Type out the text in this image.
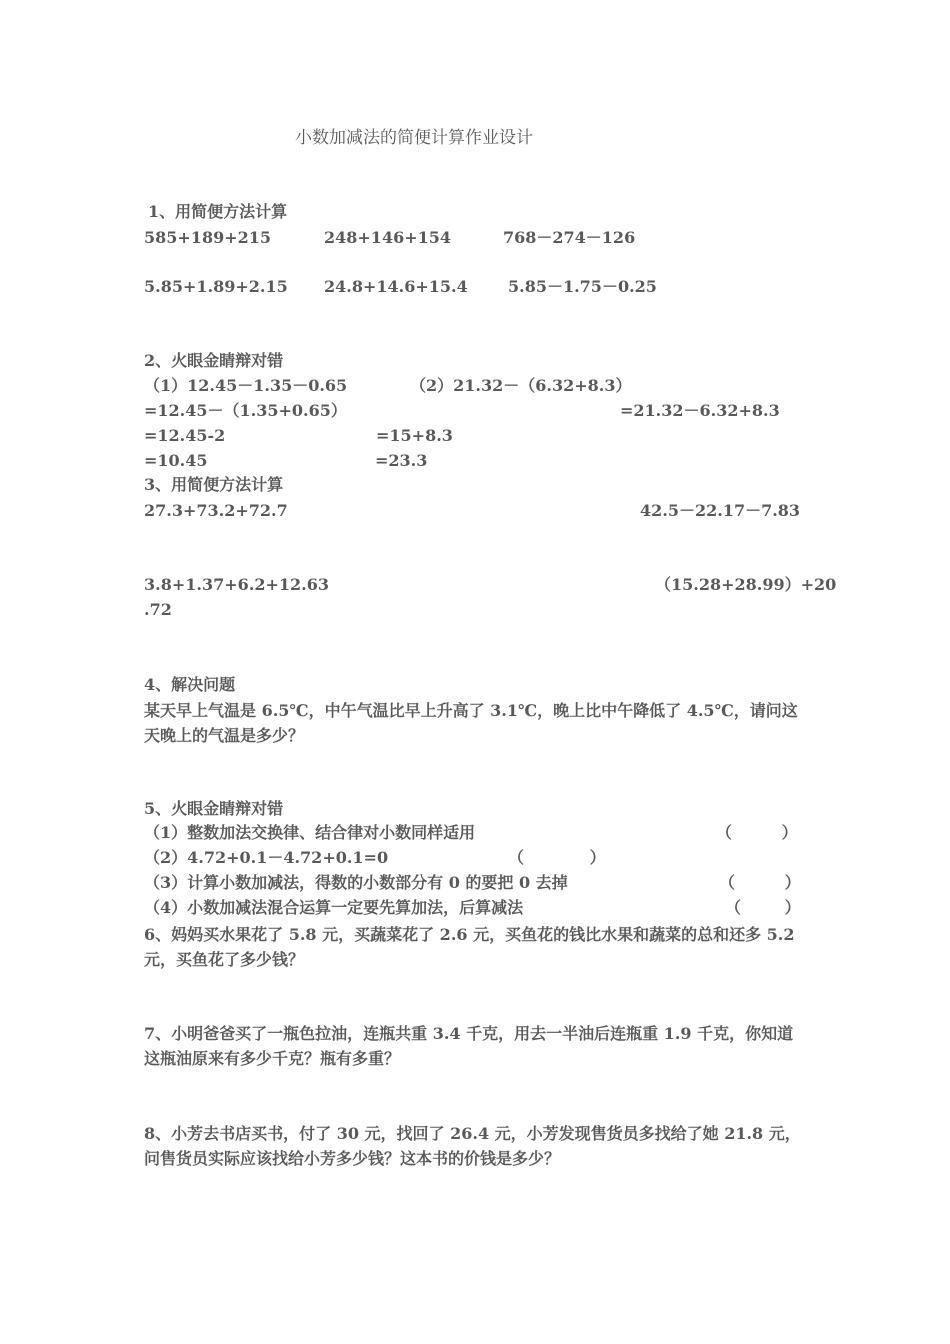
小数加减法的简便计算作业设计
1、用简便方法计算
585+189+215	248+146+154	768－274－126
5.85+1.89+2.15 24.8+14.6+15.4	5.85－1.75－0.25
2、火眼金睛辩对错
（1）12.45－1.35－0.65	（2）21.32－（6.32+8.3）
=12.45－（1.35+0.65）	=21.32－6.32+8.3
=12.45-2	=15+8.3
=10.45	=23.3
3、用简便方法计算
27.3+73.2+72.7	42.5－22.17－7.83
3.8+1.37+6.2+12.63	（15.28+28.99）+20
.72
4、解决问题
某天早上气温是 6.5℃，中午气温比早上升高了 3.1℃，晚上比中午降低了 4.5℃，请问这天晚上的气温是多少？
5、火眼金睛辩对错
（1）整数加法交换律、结合律对小数同样适用	（ ）
（2）4.72+0.1－4.72+0.1=0	（ ）
（3）计算小数加减法，得数的小数部分有 0 的要把 0 去掉	（ ）
（4）小数加减法混合运算一定要先算加法，后算减法	（ ）
6、妈妈买水果花了 5.8 元，买蔬菜花了 2.6 元，买鱼花的钱比水果和蔬菜的总和还多 5.2 元，买鱼花了多少钱？
7、小明爸爸买了一瓶色拉油，连瓶共重 3.4 千克，用去一半油后连瓶重 1.9 千克，你知道这瓶油原来有多少千克？瓶有多重？
8、小芳去书店买书，付了 30 元，找回了 26.4 元，小芳发现售货员多找给了她 21.8 元，问售货员实际应该找给小芳多少钱？这本书的价钱是多少？
